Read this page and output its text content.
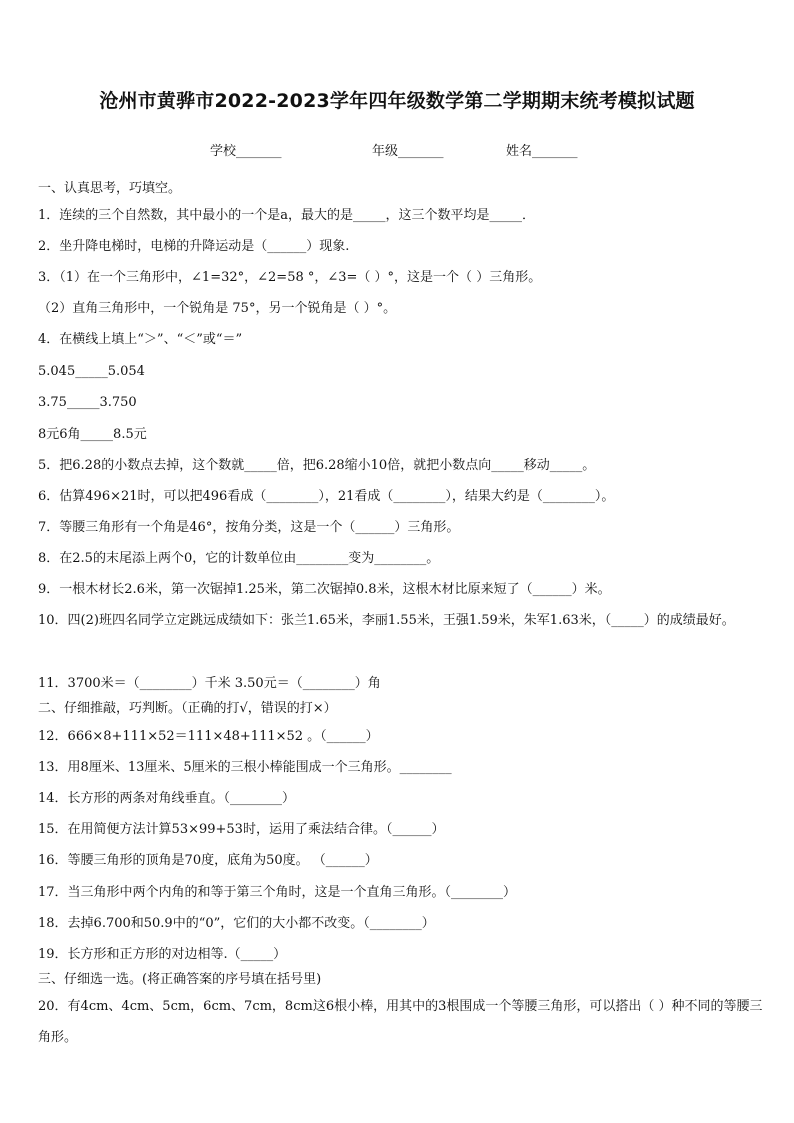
沧州市黄骅市2022-2023学年四年级数学第二学期期末统考模拟试题
学校_______	年级_______	姓名_______
一、认真思考，巧填空。
1．连续的三个自然数，其中最小的一个是a，最大的是_____，这三个数平均是_____．
2．坐升降电梯时，电梯的升降运动是（______）现象.
3．（1）在一个三角形中，∠1=32°，∠2=58 °，∠3=（ ）°，这是一个（ ）三角形。
（2）直角三角形中，一个锐角是 75°，另一个锐角是（ ）°。
4．在横线上填上“＞”、“＜”或“＝”
5.045_____5.054
3.75_____3.750
8元6角_____8.5元
5．把6.28的小数点去掉，这个数就_____倍，把6.28缩小10倍，就把小数点向_____移动_____。
6．估算496×21时，可以把496看成（________），21看成（________），结果大约是（________）。
7．等腰三角形有一个角是46°，按角分类，这是一个（______）三角形。
8．在2.5的末尾添上两个0，它的计数单位由________变为________。
9．一根木材长2.6米，第一次锯掉1.25米，第二次锯掉0.8米，这根木材比原来短了（______）米。
10．四(2)班四名同学立定跳远成绩如下：张兰1.65米，李丽1.55米，王强1.59米，朱军1.63米，（_____）的成绩最好。
11．3700米＝（________）千米 3.50元＝（________）角
二、仔细推敲，巧判断。（正确的打√，错误的打×）
12．666×8+111×52＝111×48+111×52 。（______）
13．用8厘米、13厘米、5厘米的三根小棒能围成一个三角形。________
14．长方形的两条对角线垂直。（________）
15．在用简便方法计算53×99+53时，运用了乘法结合律。（______）
16．等腰三角形的顶角是70度，底角为50度。 （______）
17．当三角形中两个内角的和等于第三个角时，这是一个直角三角形。（________）
18．去掉6.700和50.9中的“0”，它们的大小都不改变。（________）
19．长方形和正方形的对边相等.（_____）
三、仔细选一选。(将正确答案的序号填在括号里)
20．有4cm、4cm、5cm，6cm、7cm，8cm这6根小棒，用其中的3根围成一个等腰三角形，可以搭出（ ）种不同的等腰三角形。
